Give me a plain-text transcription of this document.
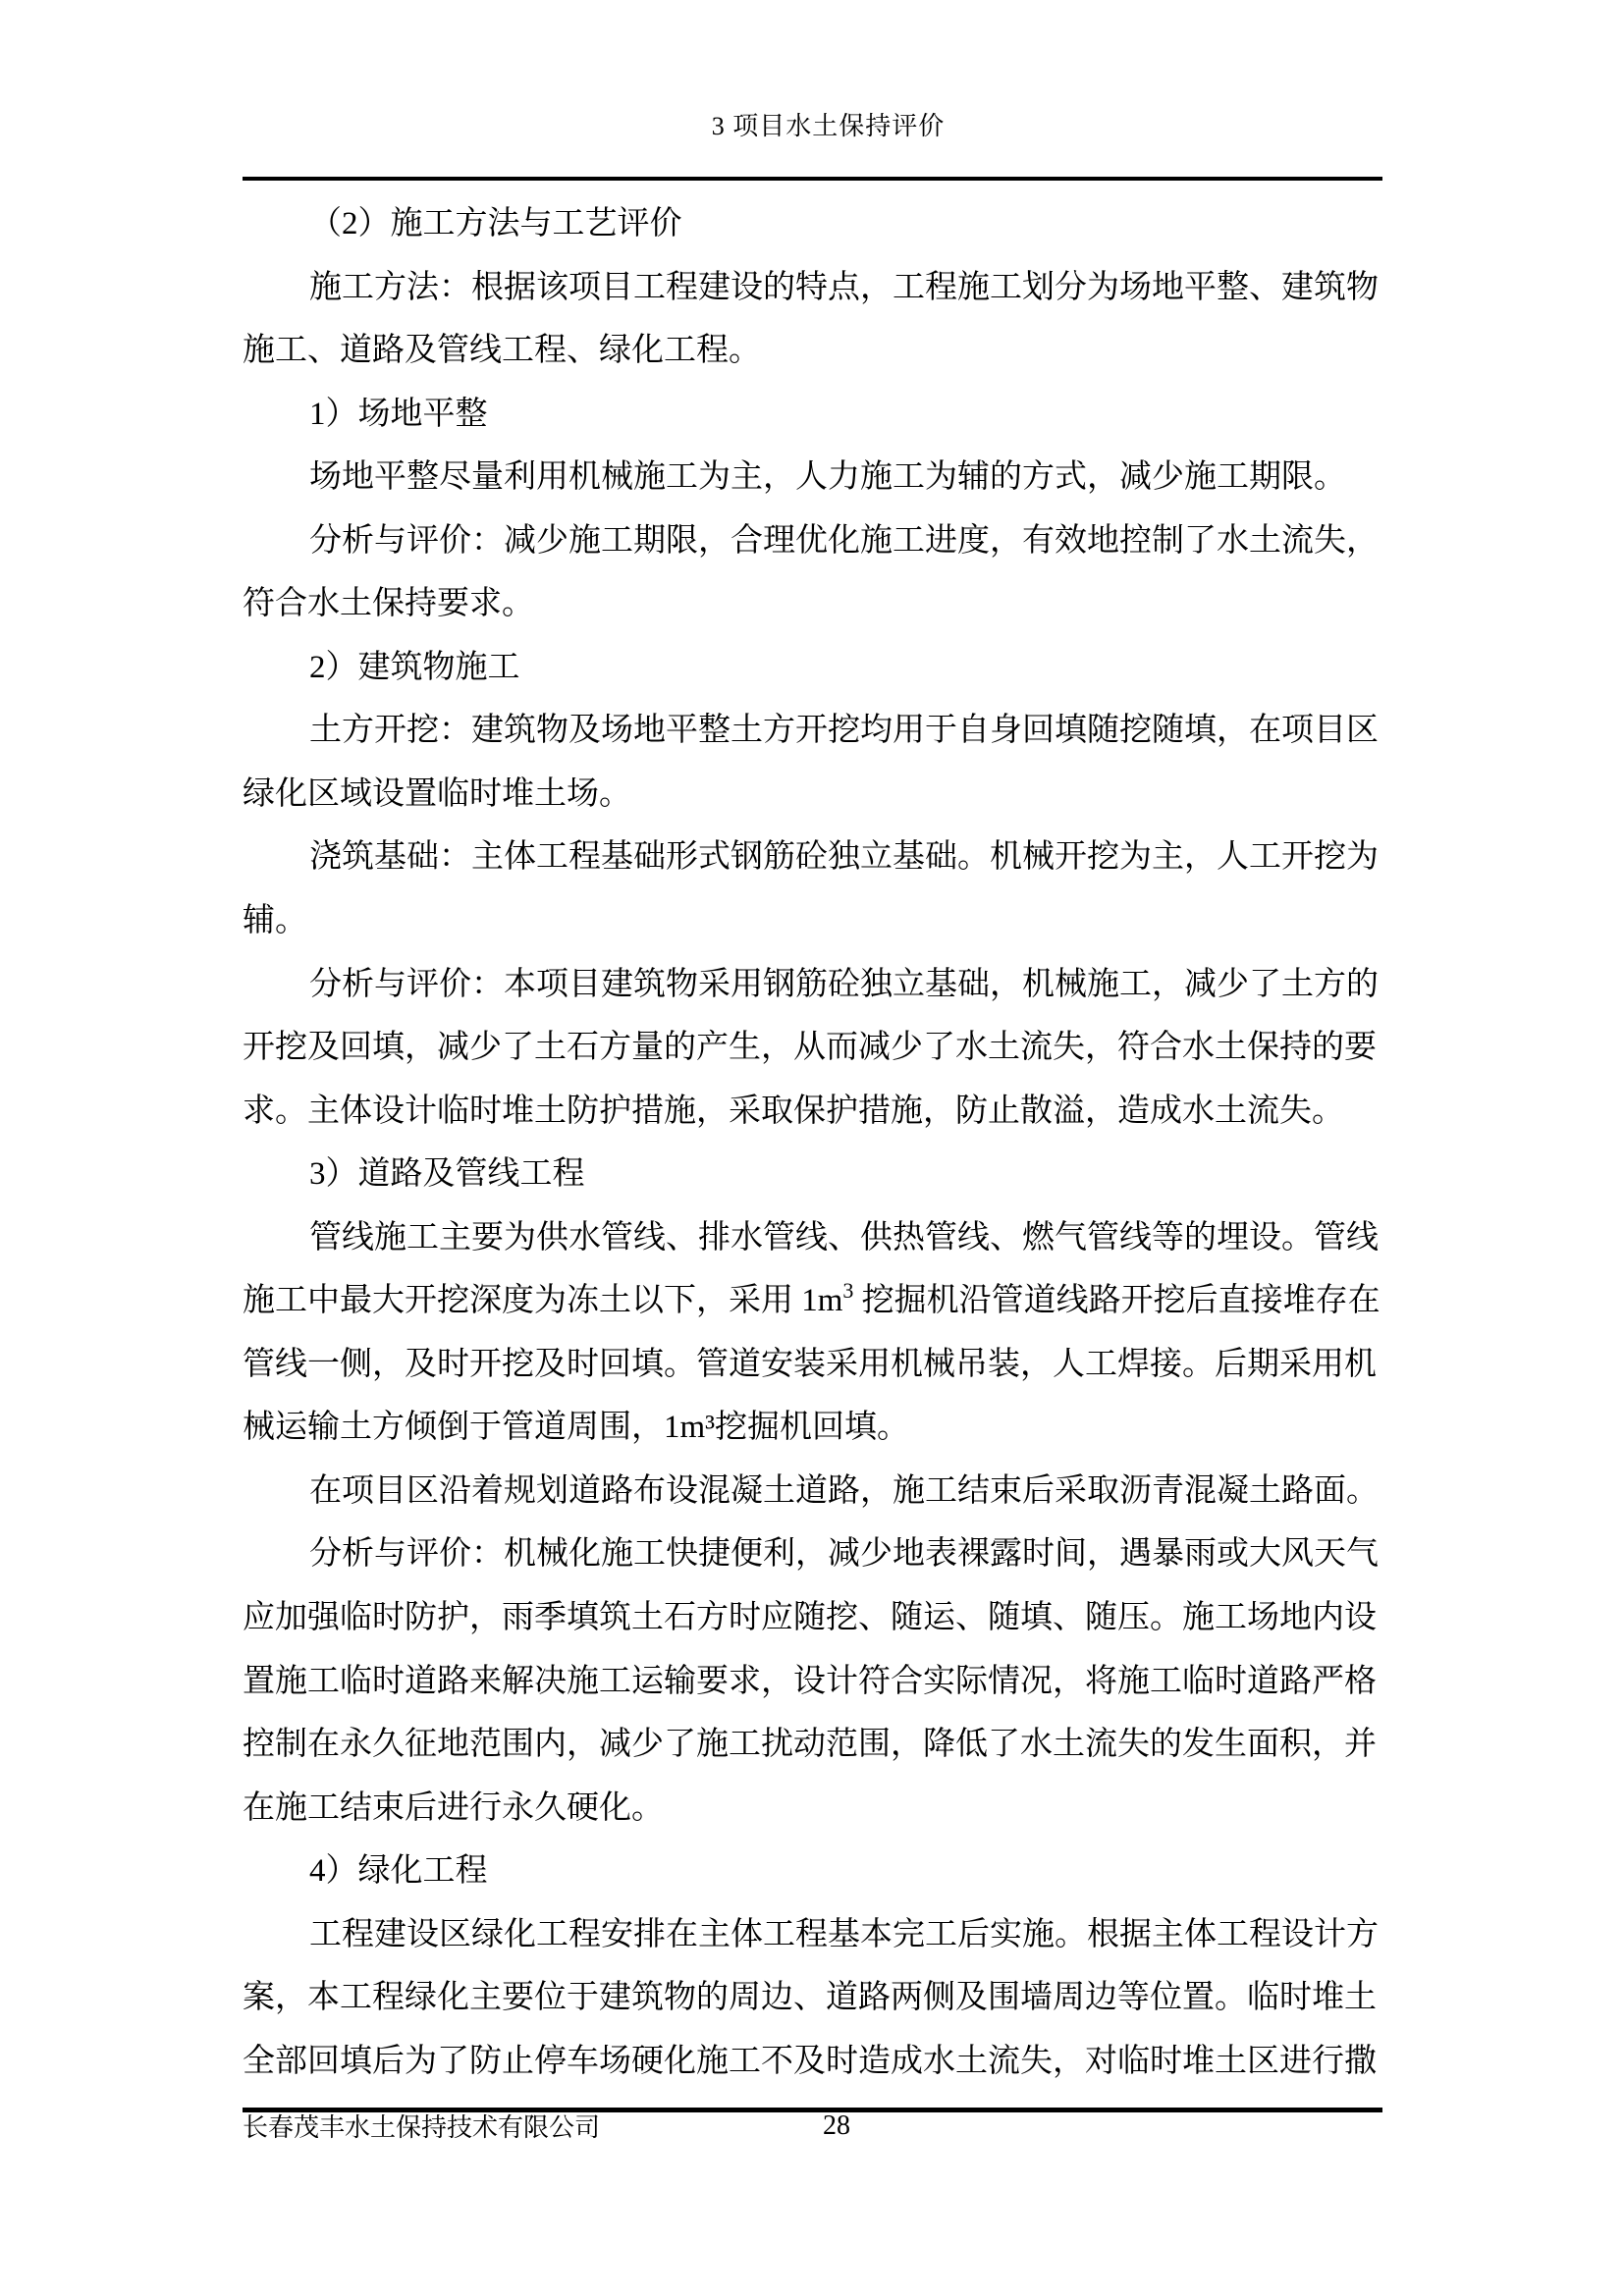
3 项目水土保持评价
（2）施工方法与工艺评价
施工方法：根据该项目工程建设的特点，工程施工划分为场地平整、建筑物
施工、道路及管线工程、绿化工程。
1）场地平整
场地平整尽量利用机械施工为主，人力施工为辅的方式，减少施工期限。
分析与评价：减少施工期限，合理优化施工进度，有效地控制了水土流失，
符合水土保持要求。
2）建筑物施工
土方开挖：建筑物及场地平整土方开挖均用于自身回填随挖随填，在项目区
绿化区域设置临时堆土场。
浇筑基础：主体工程基础形式钢筋砼独立基础。机械开挖为主，人工开挖为
辅。
分析与评价：本项目建筑物采用钢筋砼独立基础，机械施工，减少了土方的
开挖及回填，减少了土石方量的产生，从而减少了水土流失，符合水土保持的要
求。主体设计临时堆土防护措施，采取保护措施，防止散溢，造成水土流失。
3）道路及管线工程
管线施工主要为供水管线、排水管线、供热管线、燃气管线等的埋设。管线
施工中最大开挖深度为冻土以下，采用 $1m^3$ 挖掘机沿管道线路开挖后直接堆存在
管线一侧，及时开挖及时回填。管道安装采用机械吊装，人工焊接。后期采用机
械运输土方倾倒于管道周围，1m³挖掘机回填。
在项目区沿着规划道路布设混凝土道路，施工结束后采取沥青混凝土路面。
分析与评价：机械化施工快捷便利，减少地表裸露时间，遇暴雨或大风天气
应加强临时防护，雨季填筑土石方时应随挖、随运、随填、随压。施工场地内设
置施工临时道路来解决施工运输要求，设计符合实际情况，将施工临时道路严格
控制在永久征地范围内，减少了施工扰动范围，降低了水土流失的发生面积，并
在施工结束后进行永久硬化。
4）绿化工程
工程建设区绿化工程安排在主体工程基本完工后实施。根据主体工程设计方
案，本工程绿化主要位于建筑物的周边、道路两侧及围墙周边等位置。临时堆土
全部回填后为了防止停车场硬化施工不及时造成水土流失，对临时堆土区进行撒
长春茂丰水土保持技术有限公司	28
